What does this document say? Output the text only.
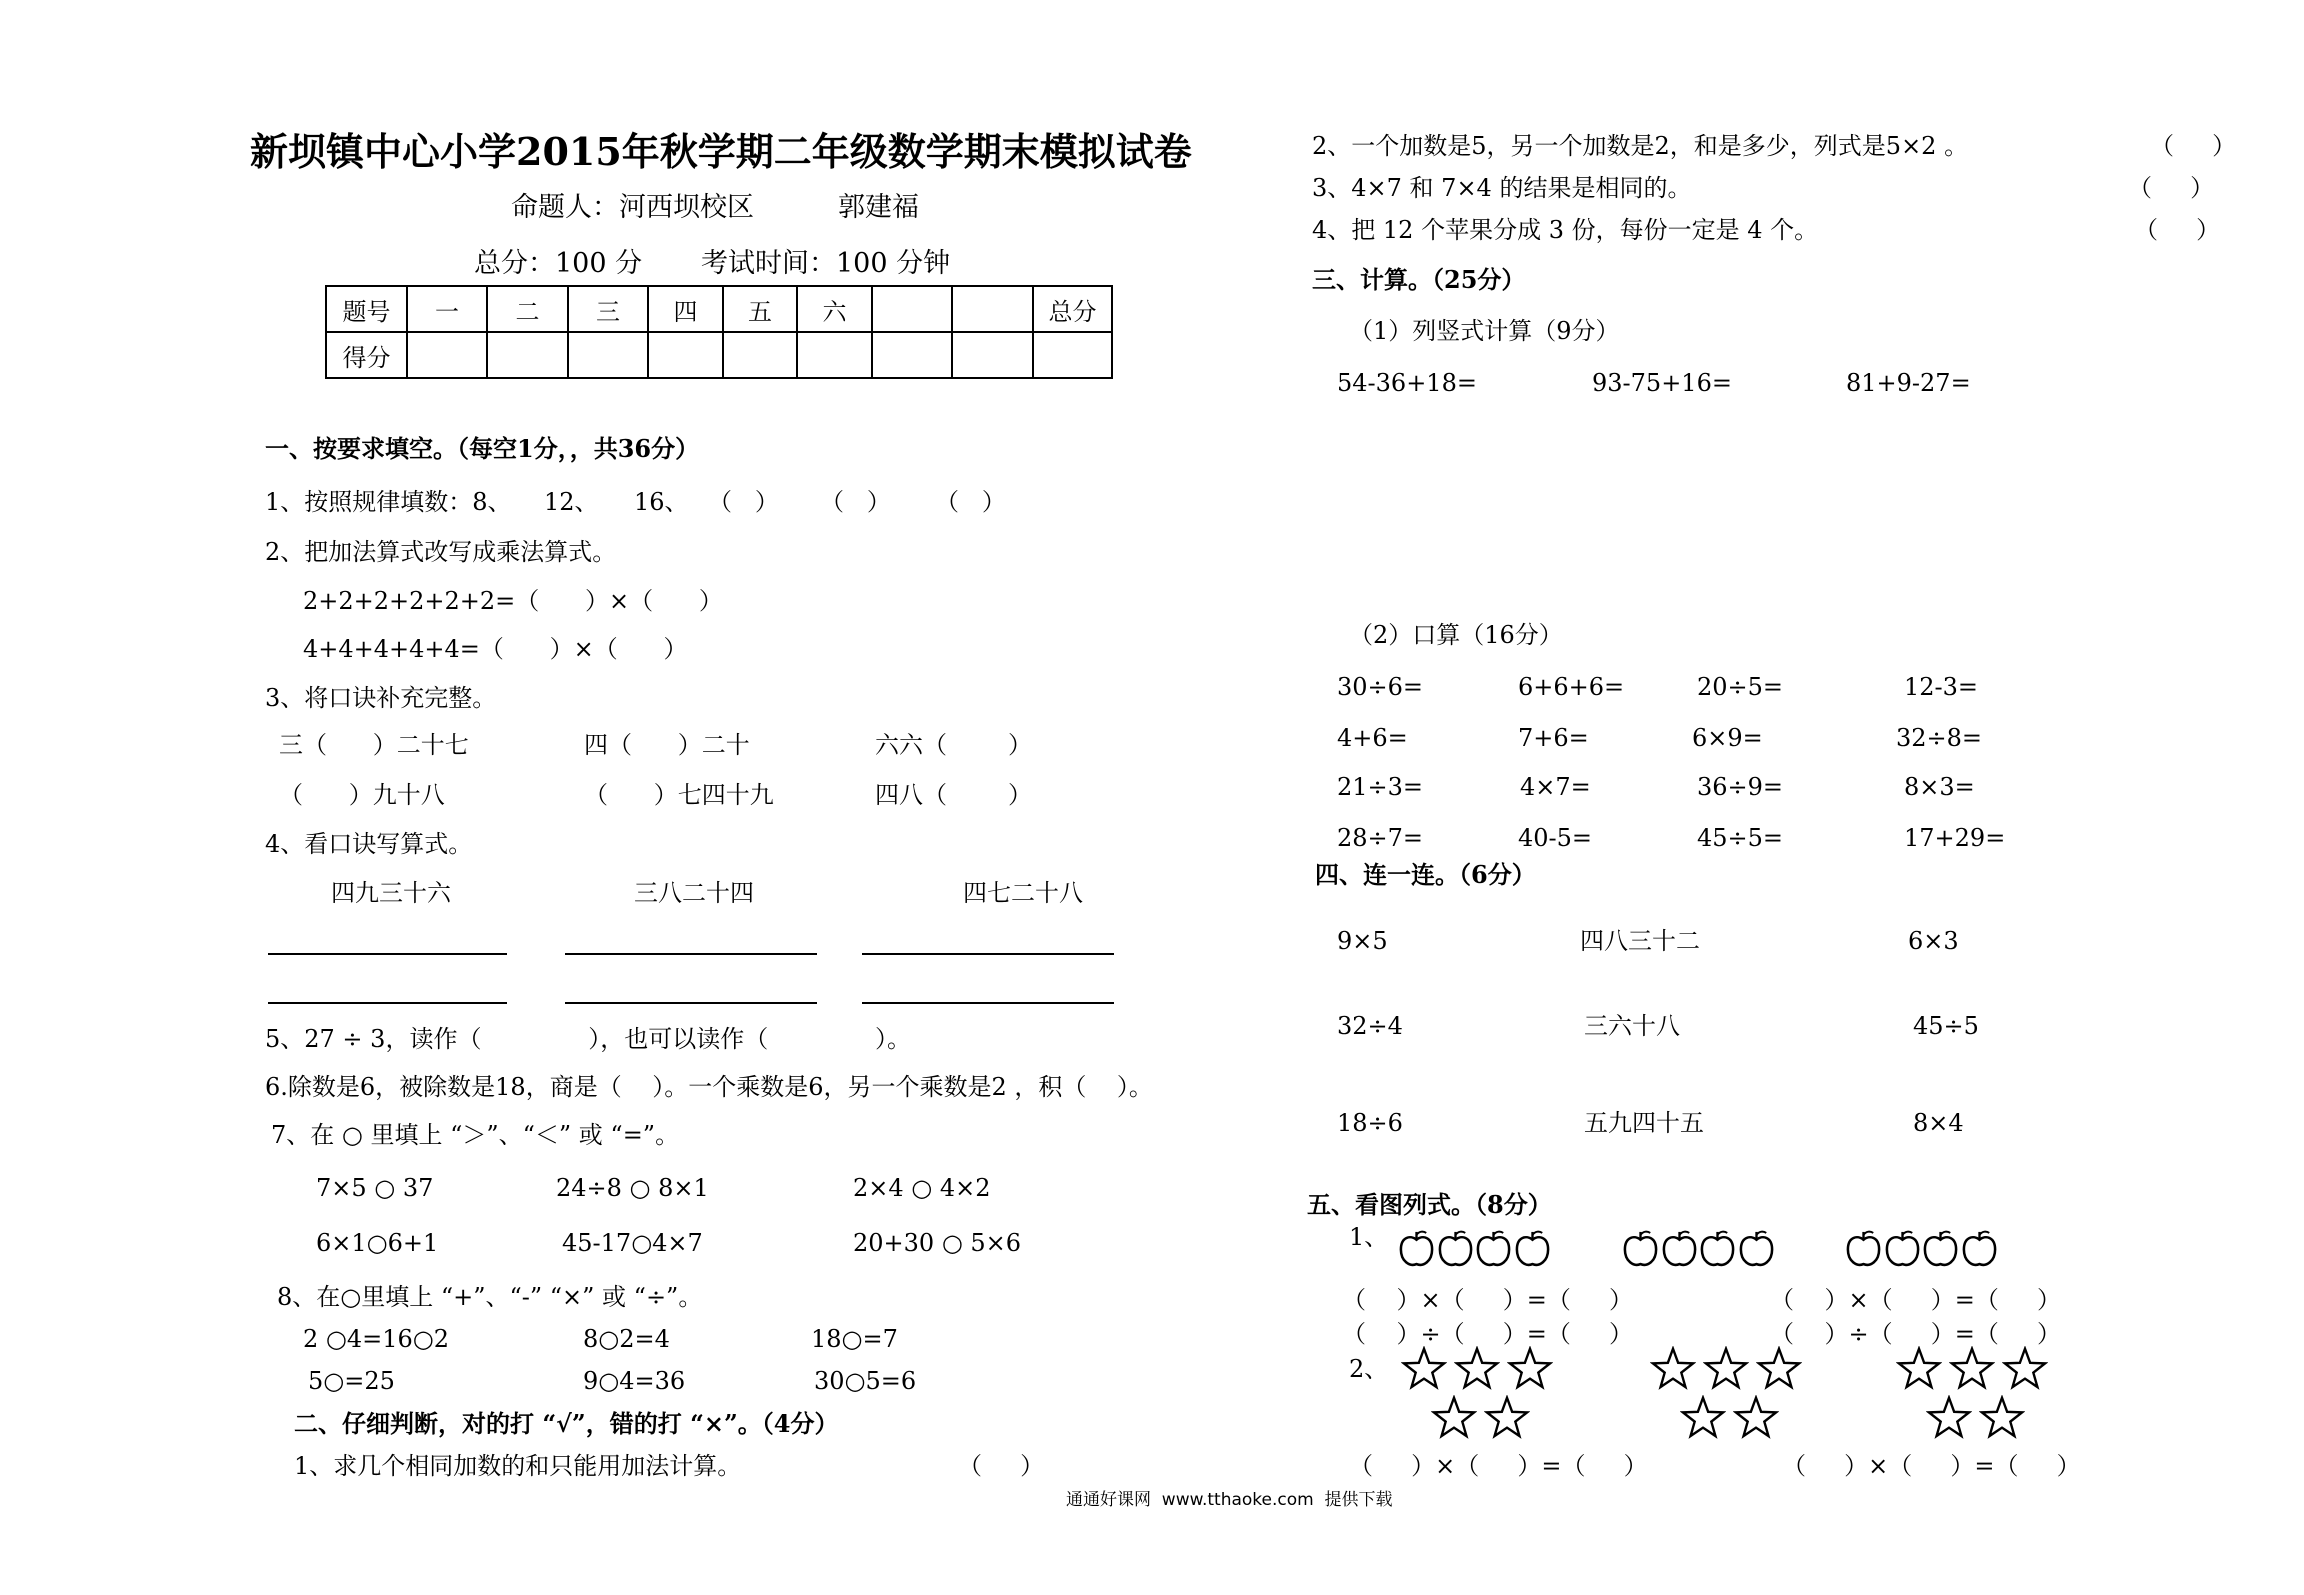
新坝镇中心小学2015年秋学期二年级数学期末模拟试卷
命题人：河西坝校区	郭建福
总分：100 分 考试时间：100 分钟
题号	一	二	三	四	五	六			总分
得分									
一、按要求填空。（每空1分，，共36分）
1、按照规律填数：8、 12、 16、 （   ） （   ） （   ）
2、把加法算式改写成乘法算式。
2+2+2+2+2+2=（      ）×（      ）
4+4+4+4+4=（      ）×（      ）
3、将口诀补充完整。
三（      ）二十七	四（      ）二十	六六（        ）
（      ）九十八	（      ）七四十九	四八（        ）
4、看口诀写算式。
四九三十六	三八二十四	四七二十八
5、27 ÷ 3，读作（              ），也可以读作（              ）。
6.除数是6，被除数是18，商是（    ）。一个乘数是6，另一个乘数是2 ，积（    ）。
7、在 ○ 里填上 “＞”、“＜” 或 “=”。
7×5 ○ 37	24÷8 ○ 8×1	2×4 ○ 4×2
6×1○6+1	45-17○4×7	20+30 ○ 5×6
8、在○里填上 “+”、“-” “×” 或 “÷”。
2 ○4=16○2	8○2=4	18○=7
5○=25	9○4=36	30○5=6
二、仔细判断，对的打 “√”，错的打 “×”。（4分）
1、求几个相同加数的和只能用加法计算。	（     ）
2、一个加数是5，另一个加数是2，和是多少，列式是5×2 。	（     ）
3、4×7 和 7×4 的结果是相同的。	（     ）
4、把 12 个苹果分成 3 份，每份一定是 4 个。	（     ）
三、计算。（25分）
（1）列竖式计算（9分）
54-36+18=	93-75+16=	81+9-27=
（2）口算（16分）
30÷6=	6+6+6=	20÷5=	12-3=
4+6=	7+6=	6×9=	32÷8=
21÷3=	4×7=	36÷9=	8×3=
28÷7=	40-5=	45÷5=	17+29=
四、连一连。（6分）
9×5	四八三十二	6×3
32÷4	三六十八	45÷5
18÷6	五九四十五	8×4
五、看图列式。（8分）
1、
（    ）×（     ）=（     ）	（    ）×（     ）=（     ）
（    ）÷（     ）=（     ）	（    ）÷（     ）=（     ）
2、
（     ）×（     ）=（     ）	（     ）×（     ）=（     ）
通通好课网  www.tthaoke.com  提供下载
